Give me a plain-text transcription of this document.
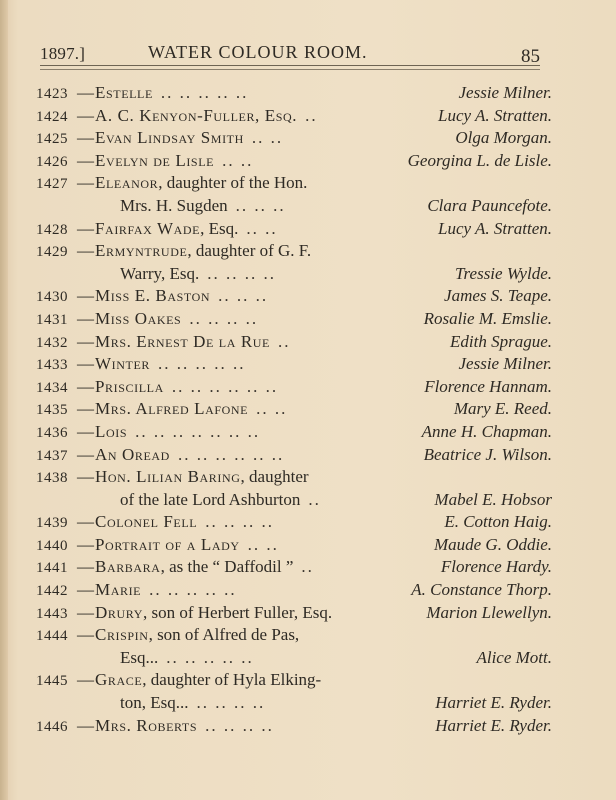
1897.]	WATER COLOUR ROOM.	85
1423 —Estelle .. .. .. .. ..	Jessie Milner.
1424 —A. C. Kenyon-Fuller, Esq. ..	Lucy A. Stratten.
1425 —Evan Lindsay Smith .. ..	Olga Morgan.
1426 —Evelyn de Lisle .. ..	Georgina L. de Lisle.
1427 —Eleanor, daughter of the Hon.
Mrs. H. Sugden .. .. ..	Clara Pauncefote.
1428 —Fairfax Wade, Esq. .. ..	Lucy A. Stratten.
1429 —Ermyntrude, daughter of G. F.
Warry, Esq. .. .. .. ..	Tressie Wylde.
1430 —Miss E. Baston .. .. ..	James S. Teape.
1431 —Miss Oakes .. .. .. ..	Rosalie M. Emslie.
1432 —Mrs. Ernest De la Rue ..	Edith Sprague.
1433 —Winter .. .. .. .. ..	Jessie Milner.
1434 —Priscilla .. .. .. .. .. ..	Florence Hannam.
1435 —Mrs. Alfred Lafone .. ..	Mary E. Reed.
1436 —Lois .. .. .. .. .. .. ..	Anne H. Chapman.
1437 —An Oread .. .. .. .. .. ..	Beatrice J. Wilson.
1438 —Hon. Lilian Baring, daughter
of the late Lord Ashburton ..	Mabel E. Hobsor
1439 —Colonel Fell .. .. .. ..	E. Cotton Haig.
1440 —Portrait of a Lady .. ..	Maude G. Oddie.
1441 —Barbara, as the “ Daffodil ” ..	Florence Hardy.
1442 —Marie .. .. .. .. ..	A. Constance Thorp.
1443 —Drury, son of Herbert Fuller, Esq.	Marion Llewellyn.
1444 —Crispin, son of Alfred de Pas,
Esq... .. .. .. .. ..	Alice Mott.
1445 —Grace, daughter of Hyla Elking-
ton, Esq... .. .. .. ..	Harriet E. Ryder.
1446 —Mrs. Roberts .. .. .. ..	Harriet E. Ryder.
